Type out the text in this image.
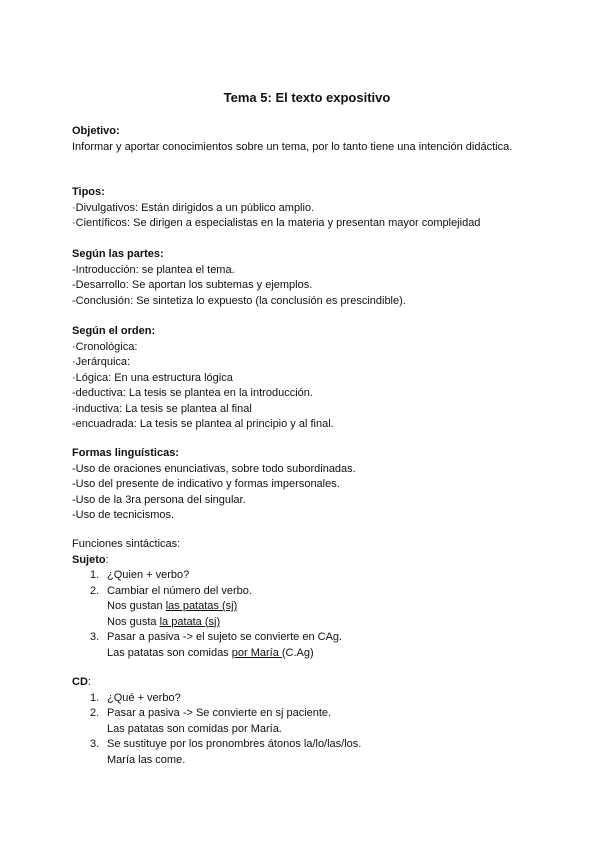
Tema 5: El texto expositivo
Objetivo:
Informar y aportar conocimientos sobre un tema, por lo tanto tiene una intención didáctica.
Tipos:
·Divulgativos: Están dirigidos a un público amplio.
·Científicos: Se dirigen a especialistas en la materia y presentan mayor complejidad
Según las partes:
-Introducción: se plantea el tema.
-Desarrollo: Se aportan los subtemas y ejemplos.
-Conclusión: Se sintetiza lo expuesto (la conclusión es prescindible).
Según el orden:
·Cronológica:
·Jerárquica:
·Lógica: En una estructura lógica
-deductiva: La tesis se plantea en la introducción.
-inductiva: La tesis se plantea al final
-encuadrada: La tesis se plantea al principio y al final.
Formas linguísticas:
-Uso de oraciones enunciativas, sobre todo subordinadas.
-Uso del presente de indicativo y formas impersonales.
-Uso de la 3ra persona del singular.
-Uso de tecnicismos.
Funciones sintácticas:
Sujeto:
1. ¿Quien + verbo?
2. Cambiar el número del verbo.
Nos gustan las patatas (sj)
Nos gusta la patata (sj)
3. Pasar a pasiva -> el sujeto se convierte en CAg.
Las patatas son comidas por María (C.Ag)
CD:
1. ¿Qué + verbo?
2. Pasar a pasiva -> Se convierte en sj paciente.
Las patatas son comidas por María.
3. Se sustituye por los pronombres átonos la/lo/las/los.
María las come.
